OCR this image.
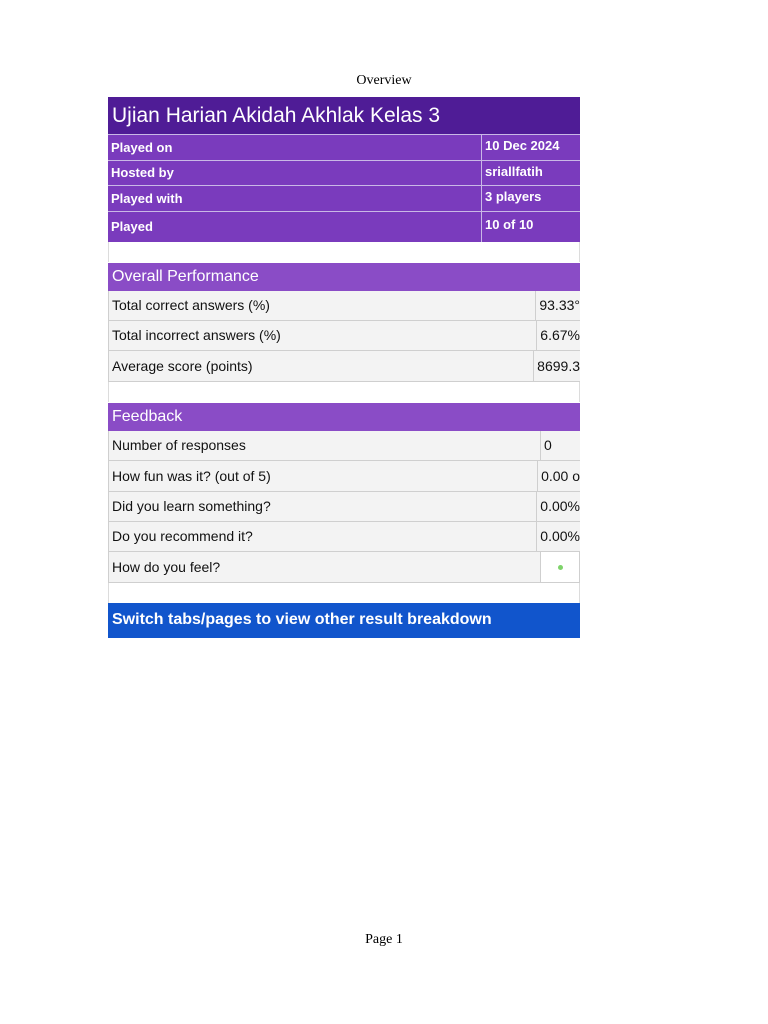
Overview
Ujian Harian Akidah Akhlak Kelas 3
Played on	10 Dec 2024
Hosted by	sriallfatih
Played with	3 players
Played	10 of 10
Overall Performance
Total correct answers (%)	93.33°
Total incorrect answers (%)	6.67%
Average score (points)	8699.3
Feedback
Number of responses	0
How fun was it? (out of 5)	0.00 o
Did you learn something?	0.00%
Do you recommend it?	0.00%
How do you feel?
Switch tabs/pages to view other result breakdown
Page 1
